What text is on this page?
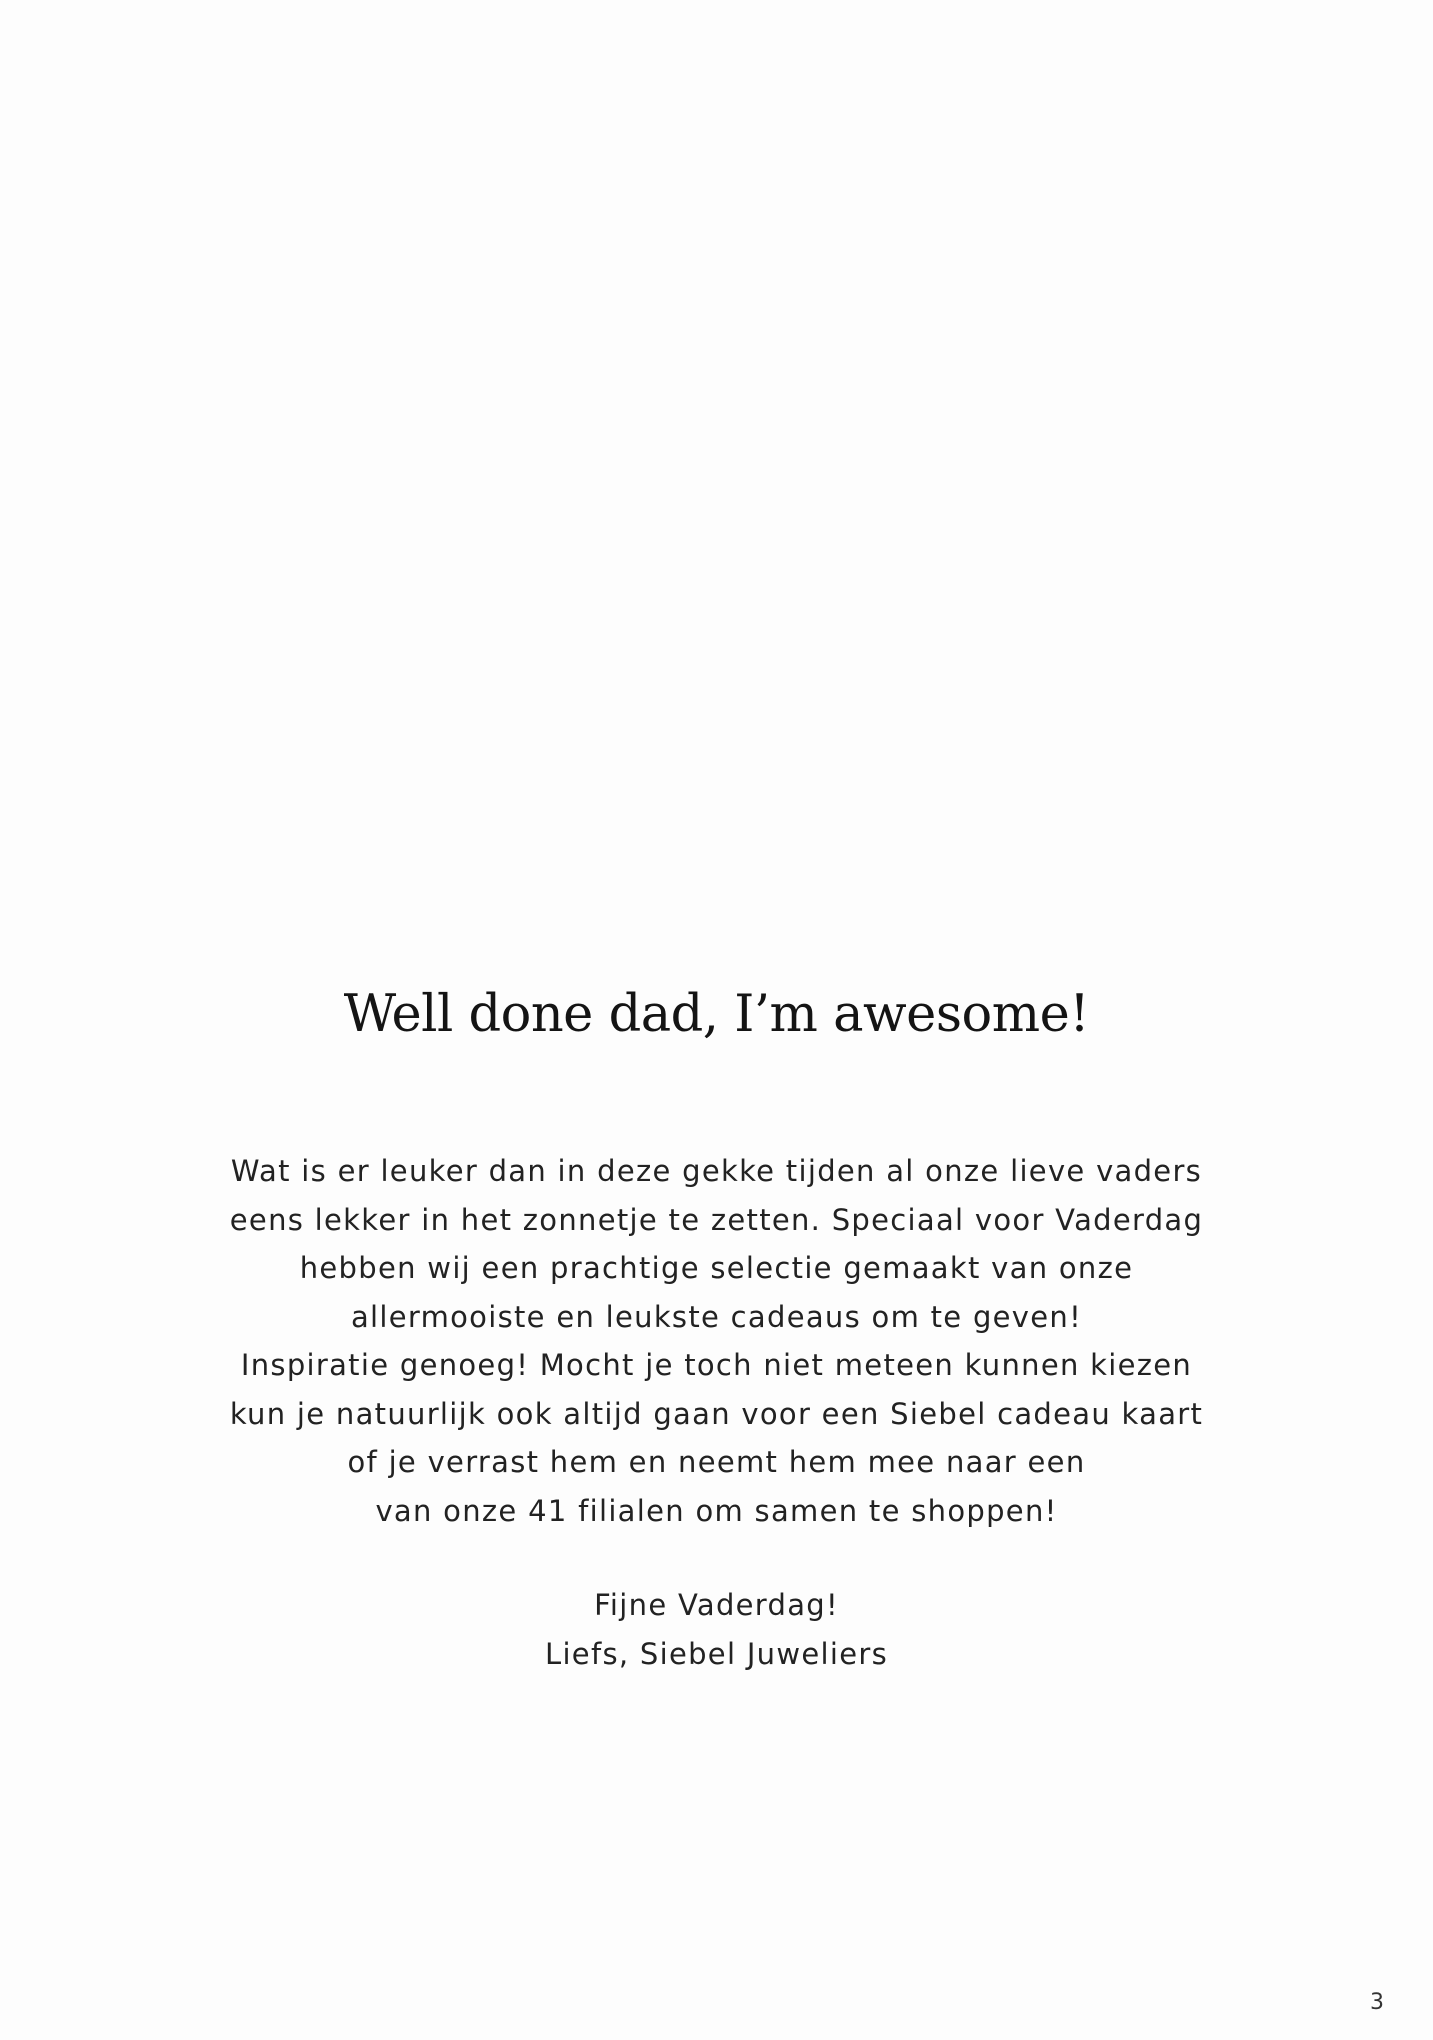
Well done dad, I’m awesome!
Wat is er leuker dan in deze gekke tijden al onze lieve vaders
eens lekker in het zonnetje te zetten. Speciaal voor Vaderdag
hebben wij een prachtige selectie gemaakt van onze
allermooiste en leukste cadeaus om te geven!
Inspiratie genoeg! Mocht je toch niet meteen kunnen kiezen
kun je natuurlijk ook altijd gaan voor een Siebel cadeau kaart
of je verrast hem en neemt hem mee naar een
van onze 41 filialen om samen te shoppen!
Fijne Vaderdag!
Liefs, Siebel Juweliers
3
